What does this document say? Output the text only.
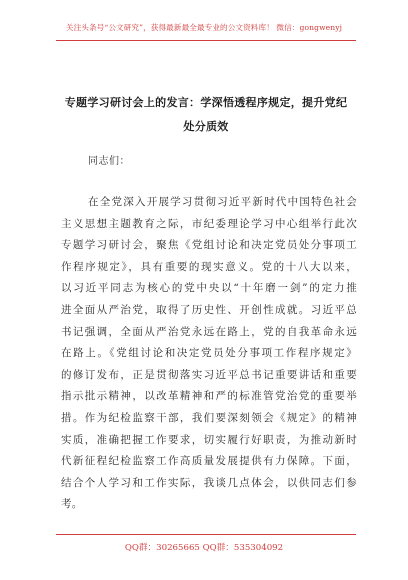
关注头条号“公文研究”，获得最新最全最专业的公文资料库！ 微信：gongwenyj
专题学习研讨会上的发言：学深悟透程序规定，提升党纪
处分质效
同志们：
在全党深入开展学习贯彻习近平新时代中国特色社会
主义思想主题教育之际，市纪委理论学习中心组举行此次
专题学习研讨会，聚焦《党组讨论和决定党员处分事项工
作程序规定》，具有重要的现实意义。党的十八大以来，
以习近平同志为核心的党中央以“十年磨一剑”的定力推
进全面从严治党，取得了历史性、开创性成就。习近平总
书记强调，全面从严治党永远在路上，党的自我革命永远
在路上。《党组讨论和决定党员处分事项工作程序规定》
的修订发布，正是贯彻落实习近平总书记重要讲话和重要
指示批示精神，以改革精神和严的标准管党治党的重要举
措。作为纪检监察干部，我们要深刻领会《规定》的精神
实质，准确把握工作要求，切实履行好职责，为推动新时
代新征程纪检监察工作高质量发展提供有力保障。下面，
结合个人学习和工作实际，我谈几点体会，以供同志们参
考。
QQ群：30265665 QQ群：535304092
